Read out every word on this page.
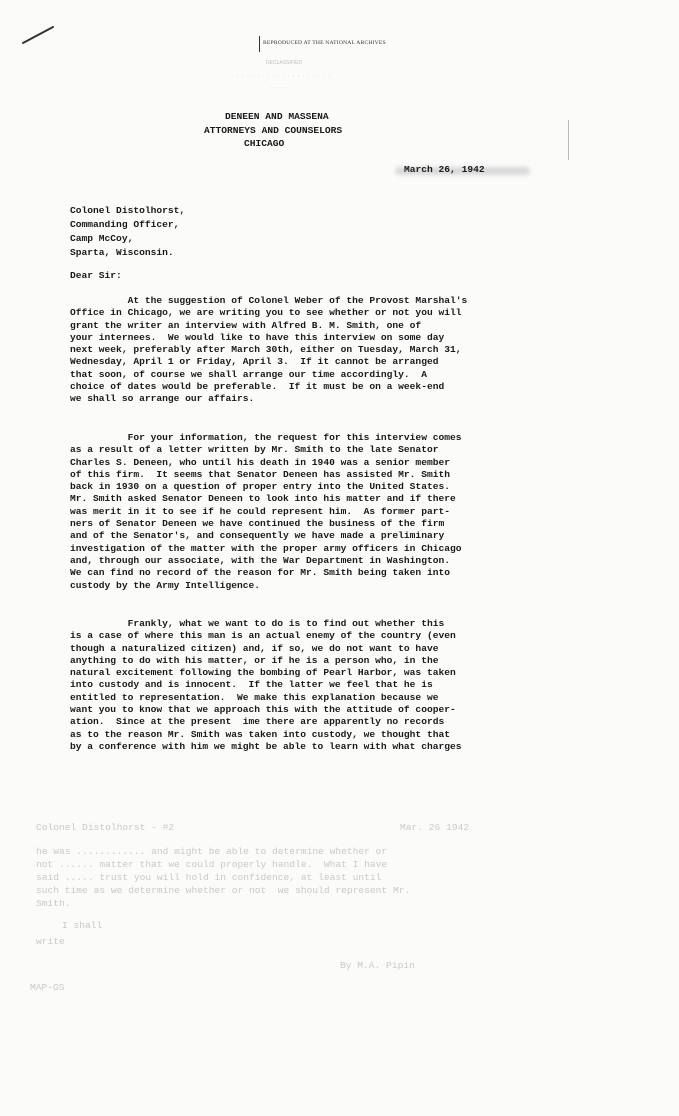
Colonel Distolhorst - #2	Mar. 26 1942
he was ............ and might be able to determine whether or
not ...... matter that we could properly handle.  What I have
said ..... trust you will hold in confidence, at least until
such time as we determine whether or not  we should represent Mr.
Smith.
I shall
write
By M.A. Pipin
MAP-GS
REPRODUCED AT THE NATIONAL ARCHIVES
DECLASSIFIED
· · · · · · · · · · · · · · · · · · · ·
· · · · · ·
DENEEN AND MASSENA
ATTORNEYS AND COUNSELORS
CHICAGO
March 26, 1942
Colonel Distolhorst,
Commanding Officer,
Camp McCoy,
Sparta, Wisconsin.
Dear Sir:
At the suggestion of Colonel Weber of the Provost Marshal's
Office in Chicago, we are writing you to see whether or not you will
grant the writer an interview with Alfred B. M. Smith, one of
your internees.  We would like to have this interview on some day
next week, preferably after March 30th, either on Tuesday, March 31,
Wednesday, April 1 or Friday, April 3.  If it cannot be arranged
that soon, of course we shall arrange our time accordingly.  A
choice of dates would be preferable.  If it must be on a week-end
we shall so arrange our affairs.
For your information, the request for this interview comes
as a result of a letter written by Mr. Smith to the late Senator
Charles S. Deneen, who until his death in 1940 was a senior member
of this firm.  It seems that Senator Deneen has assisted Mr. Smith
back in 1930 on a question of proper entry into the United States.
Mr. Smith asked Senator Deneen to look into his matter and if there
was merit in it to see if he could represent him.  As former part-
ners of Senator Deneen we have continued the business of the firm
and of the Senator's, and consequently we have made a preliminary
investigation of the matter with the proper army officers in Chicago
and, through our associate, with the War Department in Washington.
We can find no record of the reason for Mr. Smith being taken into
custody by the Army Intelligence.
Frankly, what we want to do is to find out whether this
is a case of where this man is an actual enemy of the country (even
though a naturalized citizen) and, if so, we do not want to have
anything to do with his matter, or if he is a person who, in the
natural excitement following the bombing of Pearl Harbor, was taken
into custody and is innocent.  If the latter we feel that he is
entitled to representation.  We make this explanation because we
want you to know that we approach this with the attitude of cooper-
ation.  Since at the present  ime there are apparently no records
as to the reason Mr. Smith was taken into custody, we thought that
by a conference with him we might be able to learn with what charges
